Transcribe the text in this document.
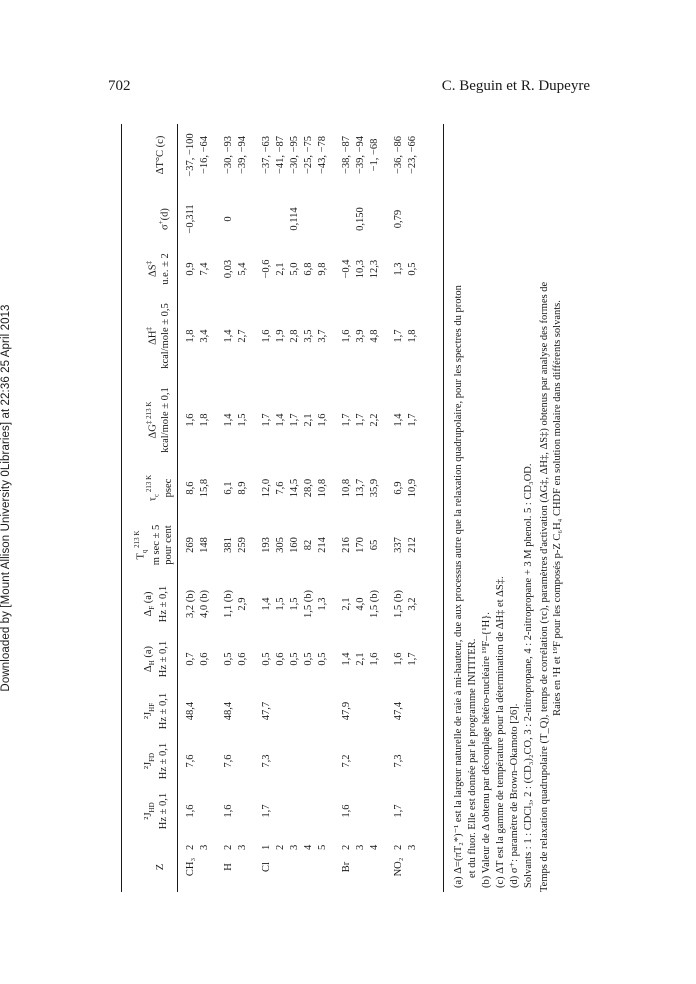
702	C. Beguin et R. Dupeyre
Downloaded by [Mount Allison University 0Libraries] at 22:36 25 April 2013
Z
$^2J_{HD}$ Hz ± 0,1
$^2J_{FD}$ Hz ± 0,1
$^2J_{HF}$ Hz ± 0,1
$\Delta_H$ (a) Hz ± 0,1
$\Delta_F$ (a) Hz ± 0,1
$T_q$ $^{213 K}$ m sec ± 5 pour cent
$\tau_c$ $^{213 K}$ psec
$\Delta G^{\ddagger 213 K}$ kcal/mole ± 0,1
ΔH‡ kcal/mole ± 0,5
ΔS‡ u.e. ± 2
σ+(d)
ΔT°C (c)
CH₃
1,6
7,6
48,4
−0,311
2
0,7
3,2 (b)
269
8,6
1,6
1,8
0,9
−37, −100
3
0,6
4,0 (b)
148
15,8
1,8
3,4
7,4
−16, −64
H
1,6
7,6
48,4
0
2
0,5
1,1 (b)
381
6,1
1,4
1,4
0,03
−30, −93
3
0,6
2,9
259
8,9
1,5
2,7
5,4
−39, −94
Cl
1,7
7,3
47,7
1
0,5
1,4
193
12,0
1,7
1,6
−0,6
−37, −63
2
0,6
1,5
305
7,6
1,4
1,9
2,1
−41, −87
0,114
3
0,5
1,5
160
14,5
1,7
2,8
5,0
−30, −95
4
0,5
1,5 (b)
82
28,0
2,1
3,5
6,8
−25, −75
5
0,5
1,3
214
10,8
1,6
3,7
9,8
−43, −78
Br
1,6
7,2
47,9
2
1,4
2,1
216
10,8
1,7
1,6
−0,4
−38, −87
0,150
3
2,1
4,0
170
13,7
1,7
3,9
10,3
−39, −94
4
1,6
1,5 (b)
65
35,9
2,2
4,8
12,3
−1, −68
NO₂
1,7
7,3
47,4
0,79
2
1,6
1,5 (b)
337
6,9
1,4
1,7
1,3
−36, −86
3
1,7
3,2
212
10,9
1,7
1,8
0,5
−23, −66
(a) Δ=(πT₂*)⁻¹ est la largeur naturelle de raie à mi-hauteur, due aux processus autre que la relaxation quadrupolaire, pour les spectres du proton et du fluor. Elle est donnée par le programme INITITER. (b) Valeur de Δ obtenu par découplage hétéro-nucléaire ¹⁹F–{¹H}. (c) ΔT est la gamme de température pour la détermination de ΔH‡ et ΔS‡. (d) σ⁺: paramètre de Brown–Okamoto [26]. Solvants : 1 : CDCl₃, 2 : (CD₃)₂CO, 3 : 2-nitropropane, 4 : 2-nitropropane + 3 M phenol. 5 : CD₃OD. Temps de relaxation quadrupolaire (T_Q), temps de corrélation (τc), paramètres d'activation (ΔG‡, ΔH‡, ΔS‡) obtenus par analyse des formes de Raies en ¹H et ¹⁹F pour les composés p-Z C₆H₄ CHDF en solution molaire dans différents solvants.
